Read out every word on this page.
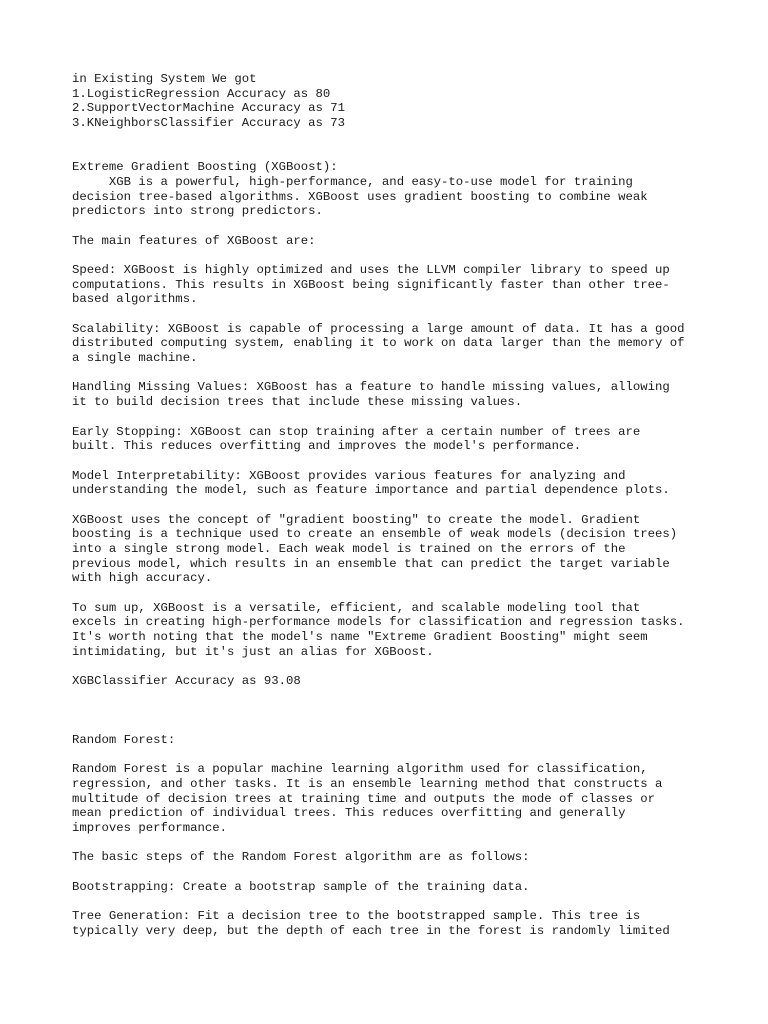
in Existing System We got
1.LogisticRegression Accuracy as 80
2.SupportVectorMachine Accuracy as 71
3.KNeighborsClassifier Accuracy as 73
Extreme Gradient Boosting (XGBoost):
XGB is a powerful, high-performance, and easy-to-use model for training
decision tree-based algorithms. XGBoost uses gradient boosting to combine weak
predictors into strong predictors.
The main features of XGBoost are:
Speed: XGBoost is highly optimized and uses the LLVM compiler library to speed up
computations. This results in XGBoost being significantly faster than other tree-
based algorithms.
Scalability: XGBoost is capable of processing a large amount of data. It has a good
distributed computing system, enabling it to work on data larger than the memory of
a single machine.
Handling Missing Values: XGBoost has a feature to handle missing values, allowing
it to build decision trees that include these missing values.
Early Stopping: XGBoost can stop training after a certain number of trees are
built. This reduces overfitting and improves the model's performance.
Model Interpretability: XGBoost provides various features for analyzing and
understanding the model, such as feature importance and partial dependence plots.
XGBoost uses the concept of "gradient boosting" to create the model. Gradient
boosting is a technique used to create an ensemble of weak models (decision trees)
into a single strong model. Each weak model is trained on the errors of the
previous model, which results in an ensemble that can predict the target variable
with high accuracy.
To sum up, XGBoost is a versatile, efficient, and scalable modeling tool that
excels in creating high-performance models for classification and regression tasks.
It's worth noting that the model's name "Extreme Gradient Boosting" might seem
intimidating, but it's just an alias for XGBoost.
XGBClassifier Accuracy as 93.08
Random Forest:
Random Forest is a popular machine learning algorithm used for classification,
regression, and other tasks. It is an ensemble learning method that constructs a
multitude of decision trees at training time and outputs the mode of classes or
mean prediction of individual trees. This reduces overfitting and generally
improves performance.
The basic steps of the Random Forest algorithm are as follows:
Bootstrapping: Create a bootstrap sample of the training data.
Tree Generation: Fit a decision tree to the bootstrapped sample. This tree is
typically very deep, but the depth of each tree in the forest is randomly limited
